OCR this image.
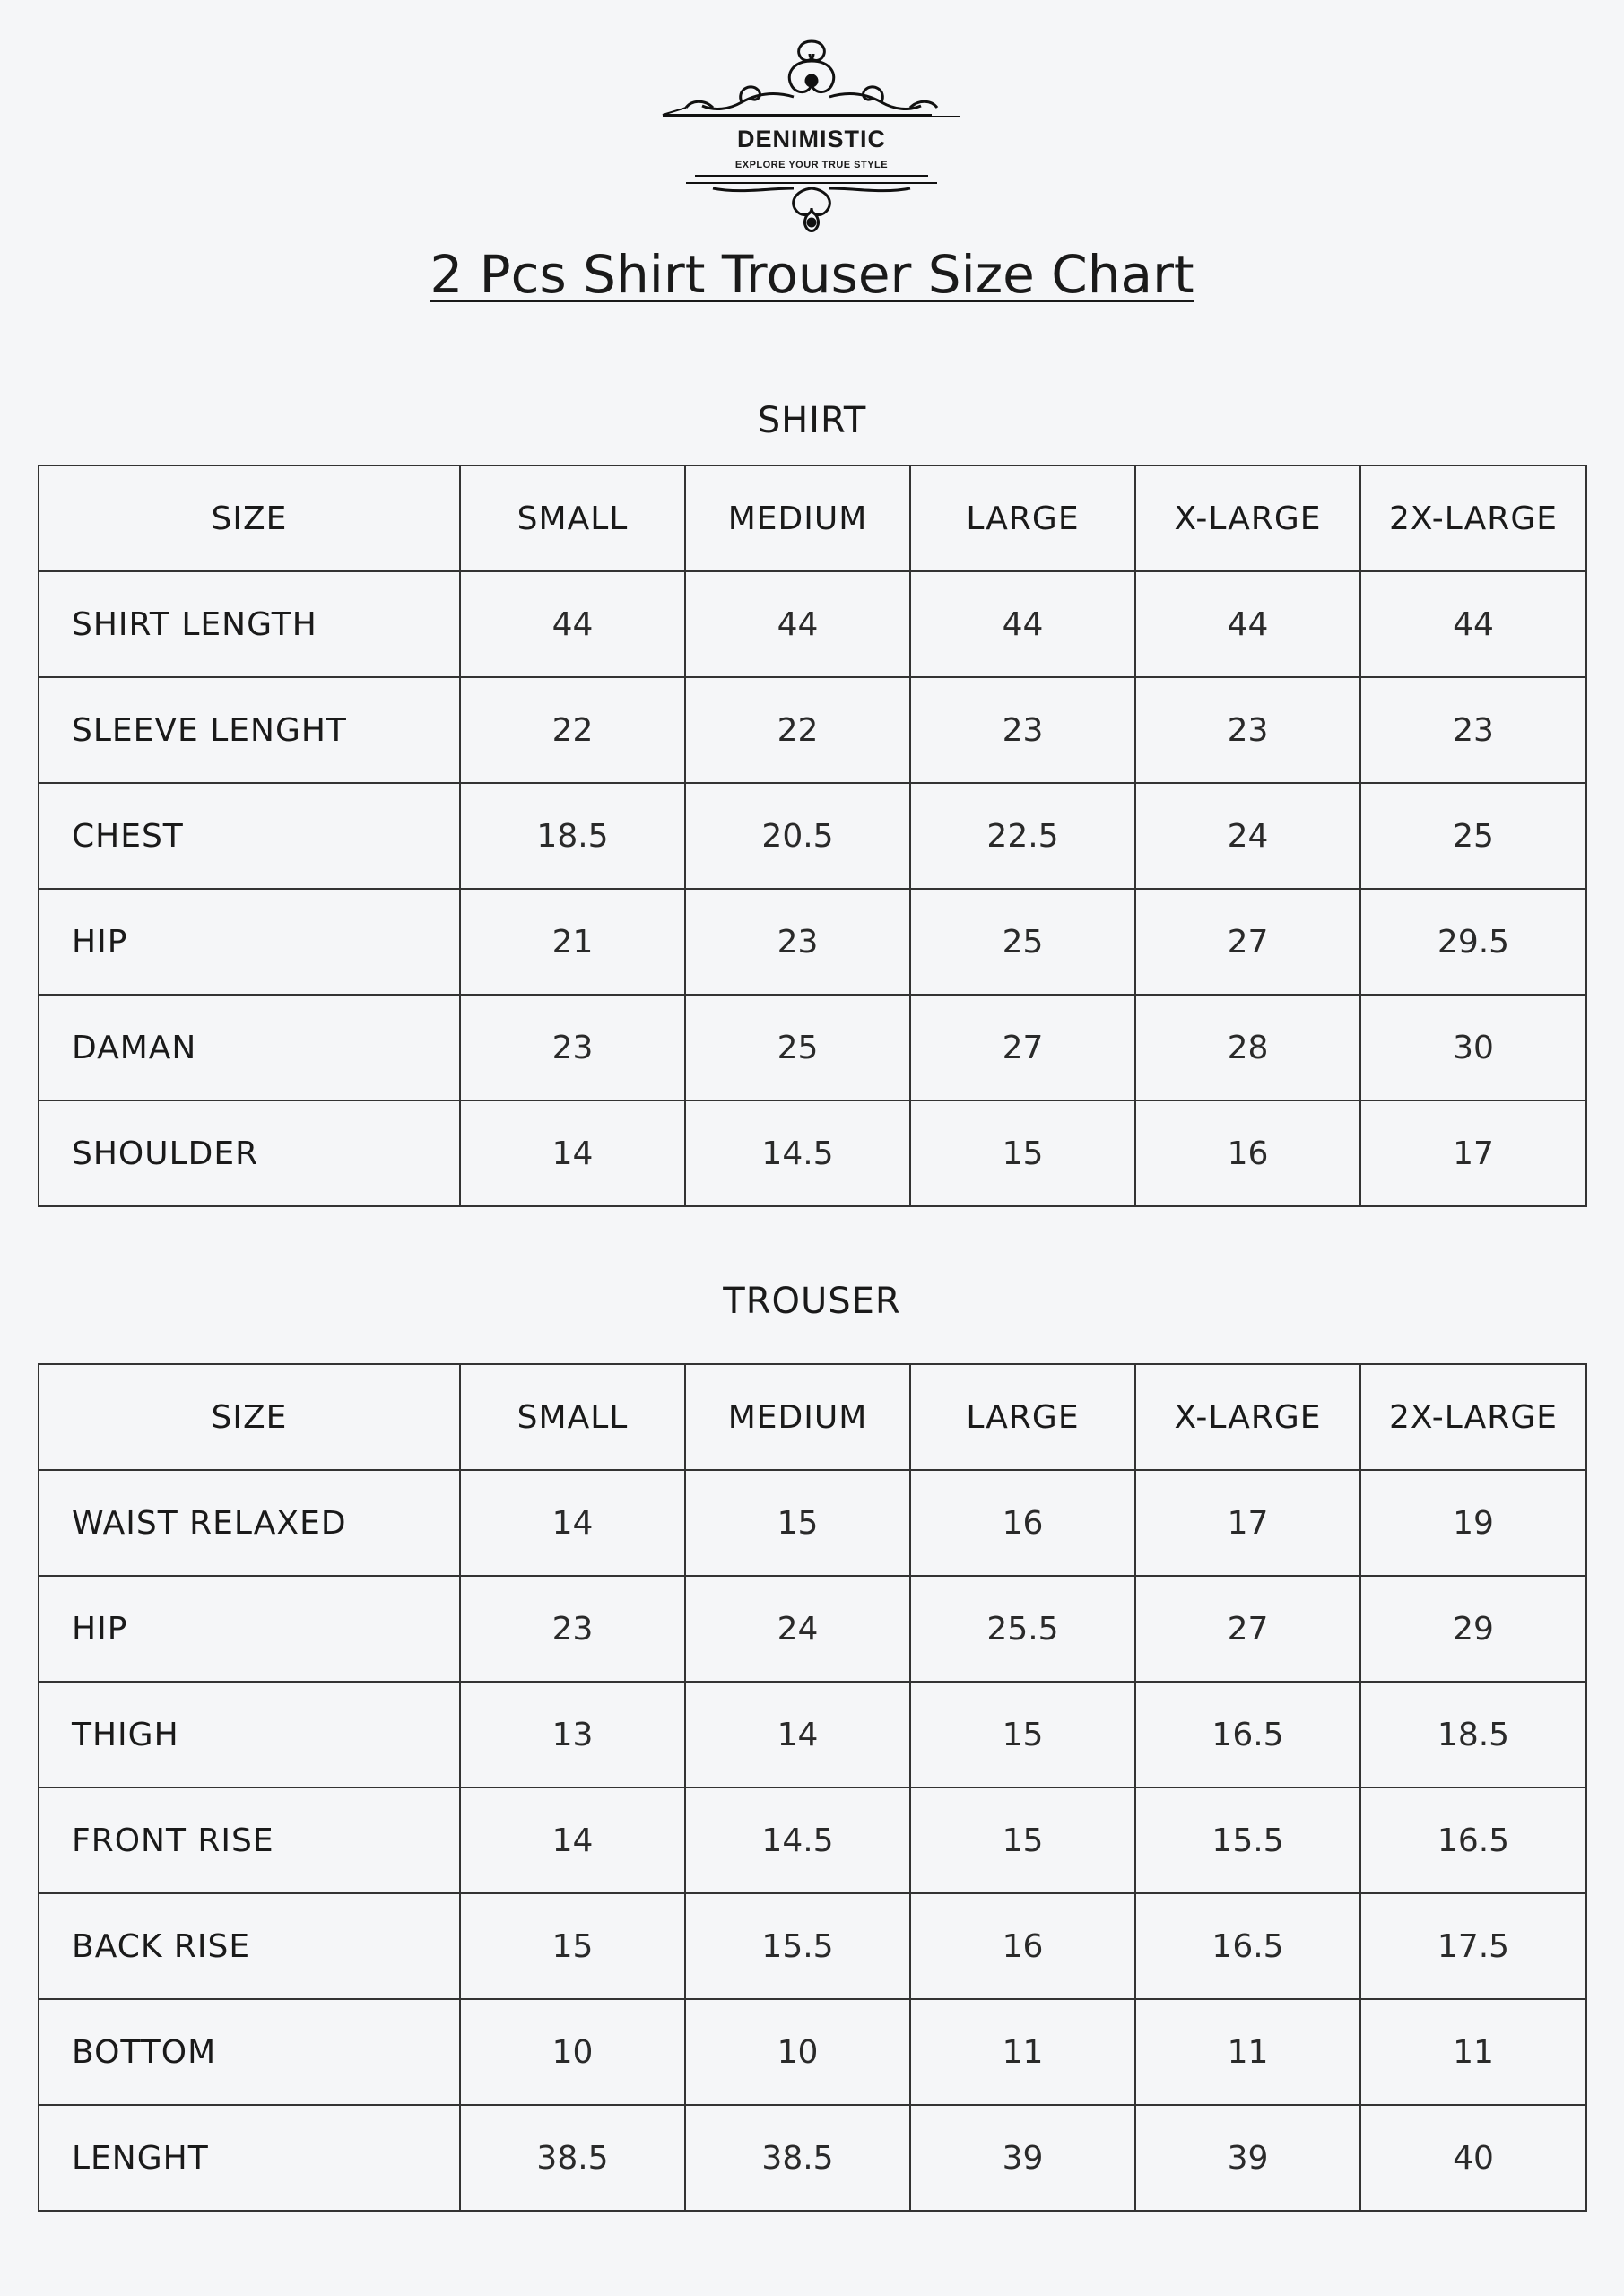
DENIMISTIC
EXPLORE YOUR TRUE STYLE
2 Pcs Shirt Trouser Size Chart
SHIRT
SIZE	SMALL	MEDIUM	LARGE	X-LARGE	2X-LARGE
SHIRT LENGTH	44	44	44	44	44
SLEEVE LENGHT	22	22	23	23	23
CHEST	18.5	20.5	22.5	24	25
HIP	21	23	25	27	29.5
DAMAN	23	25	27	28	30
SHOULDER	14	14.5	15	16	17
TROUSER
SIZE	SMALL	MEDIUM	LARGE	X-LARGE	2X-LARGE
WAIST RELAXED	14	15	16	17	19
HIP	23	24	25.5	27	29
THIGH	13	14	15	16.5	18.5
FRONT RISE	14	14.5	15	15.5	16.5
BACK RISE	15	15.5	16	16.5	17.5
BOTTOM	10	10	11	11	11
LENGHT	38.5	38.5	39	39	40
